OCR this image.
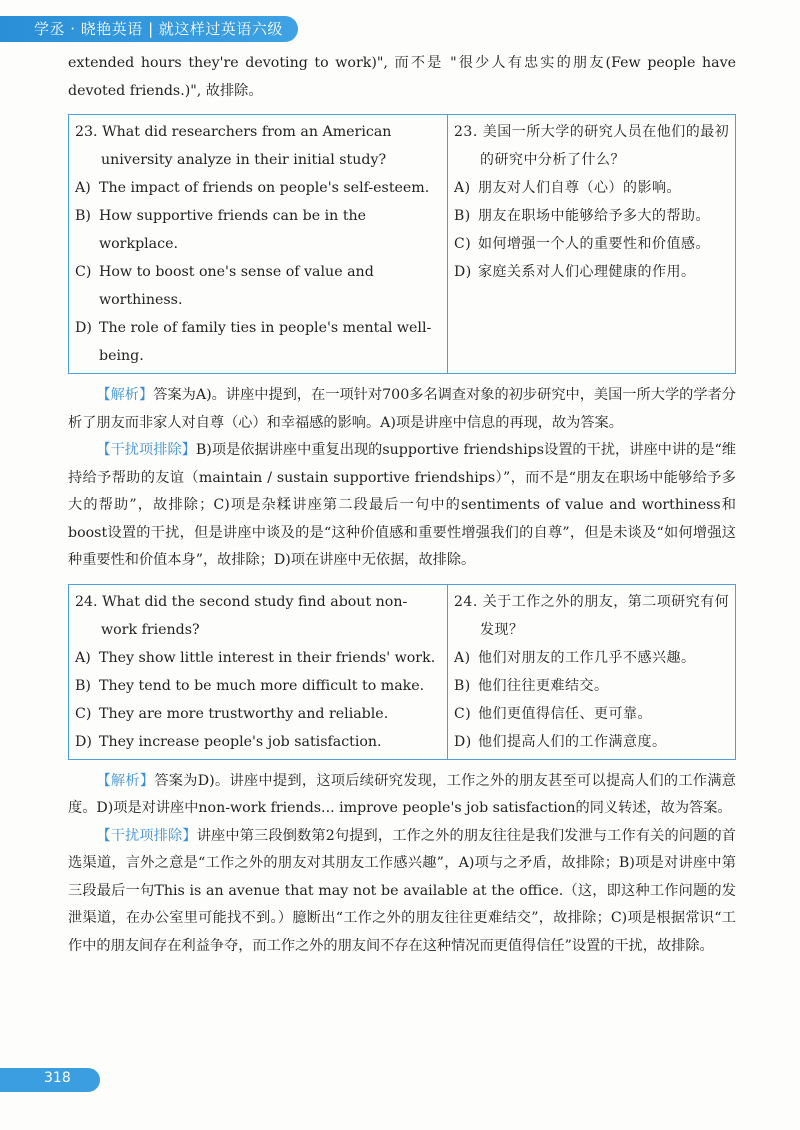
学丞 · 晓艳英语 | 就这样过英语六级

extended hours they're devoting to work)", 而不是 "很少人有忠实的朋友(Few people have devoted friends.)", 故排除。

23. What did researchers from an American university analyze in their initial study?
A) The impact of friends on people's self-esteem.
B) How supportive friends can be in the workplace.
C) How to boost one's sense of value and worthiness.
D) The role of family ties in people's mental well-being.

23. 美国一所大学的研究人员在他们的最初的研究中分析了什么？
A) 朋友对人们自尊（心）的影响。
B) 朋友在职场中能够给予多大的帮助。
C) 如何增强一个人的重要性和价值感。
D) 家庭关系对人们心理健康的作用。

【解析】答案为A)。讲座中提到，在一项针对700多名调查对象的初步研究中，美国一所大学的学者分析了朋友而非家人对自尊（心）和幸福感的影响。A)项是讲座中信息的再现，故为答案。

【干扰项排除】B)项是依据讲座中重复出现的supportive friendships设置的干扰，讲座中讲的是“维持给予帮助的友谊（maintain / sustain supportive friendships）”，而不是“朋友在职场中能够给予多大的帮助”，故排除；C)项是杂糅讲座第二段最后一句中的sentiments of value and worthiness和boost设置的干扰，但是讲座中谈及的是“这种价值感和重要性增强我们的自尊”，但是未谈及“如何增强这种重要性和价值本身”，故排除；D)项在讲座中无依据，故排除。

24. What did the second study find about non-work friends?
A) They show little interest in their friends' work.
B) They tend to be much more difficult to make.
C) They are more trustworthy and reliable.
D) They increase people's job satisfaction.

24. 关于工作之外的朋友，第二项研究有何发现？
A) 他们对朋友的工作几乎不感兴趣。
B) 他们往往更难结交。
C) 他们更值得信任、更可靠。
D) 他们提高人们的工作满意度。

【解析】答案为D)。讲座中提到，这项后续研究发现，工作之外的朋友甚至可以提高人们的工作满意度。D)项是对讲座中non-work friends... improve people's job satisfaction的同义转述，故为答案。

【干扰项排除】讲座中第三段倒数第2句提到，工作之外的朋友往往是我们发泄与工作有关的问题的首选渠道，言外之意是“工作之外的朋友对其朋友工作感兴趣”，A)项与之矛盾，故排除；B)项是对讲座中第三段最后一句This is an avenue that may not be available at the office.（这，即这种工作问题的发泄渠道，在办公室里可能找不到。）臆断出“工作之外的朋友往往更难结交”，故排除；C)项是根据常识“工作中的朋友间存在利益争夺，而工作之外的朋友间不存在这种情况而更值得信任”设置的干扰，故排除。

318
